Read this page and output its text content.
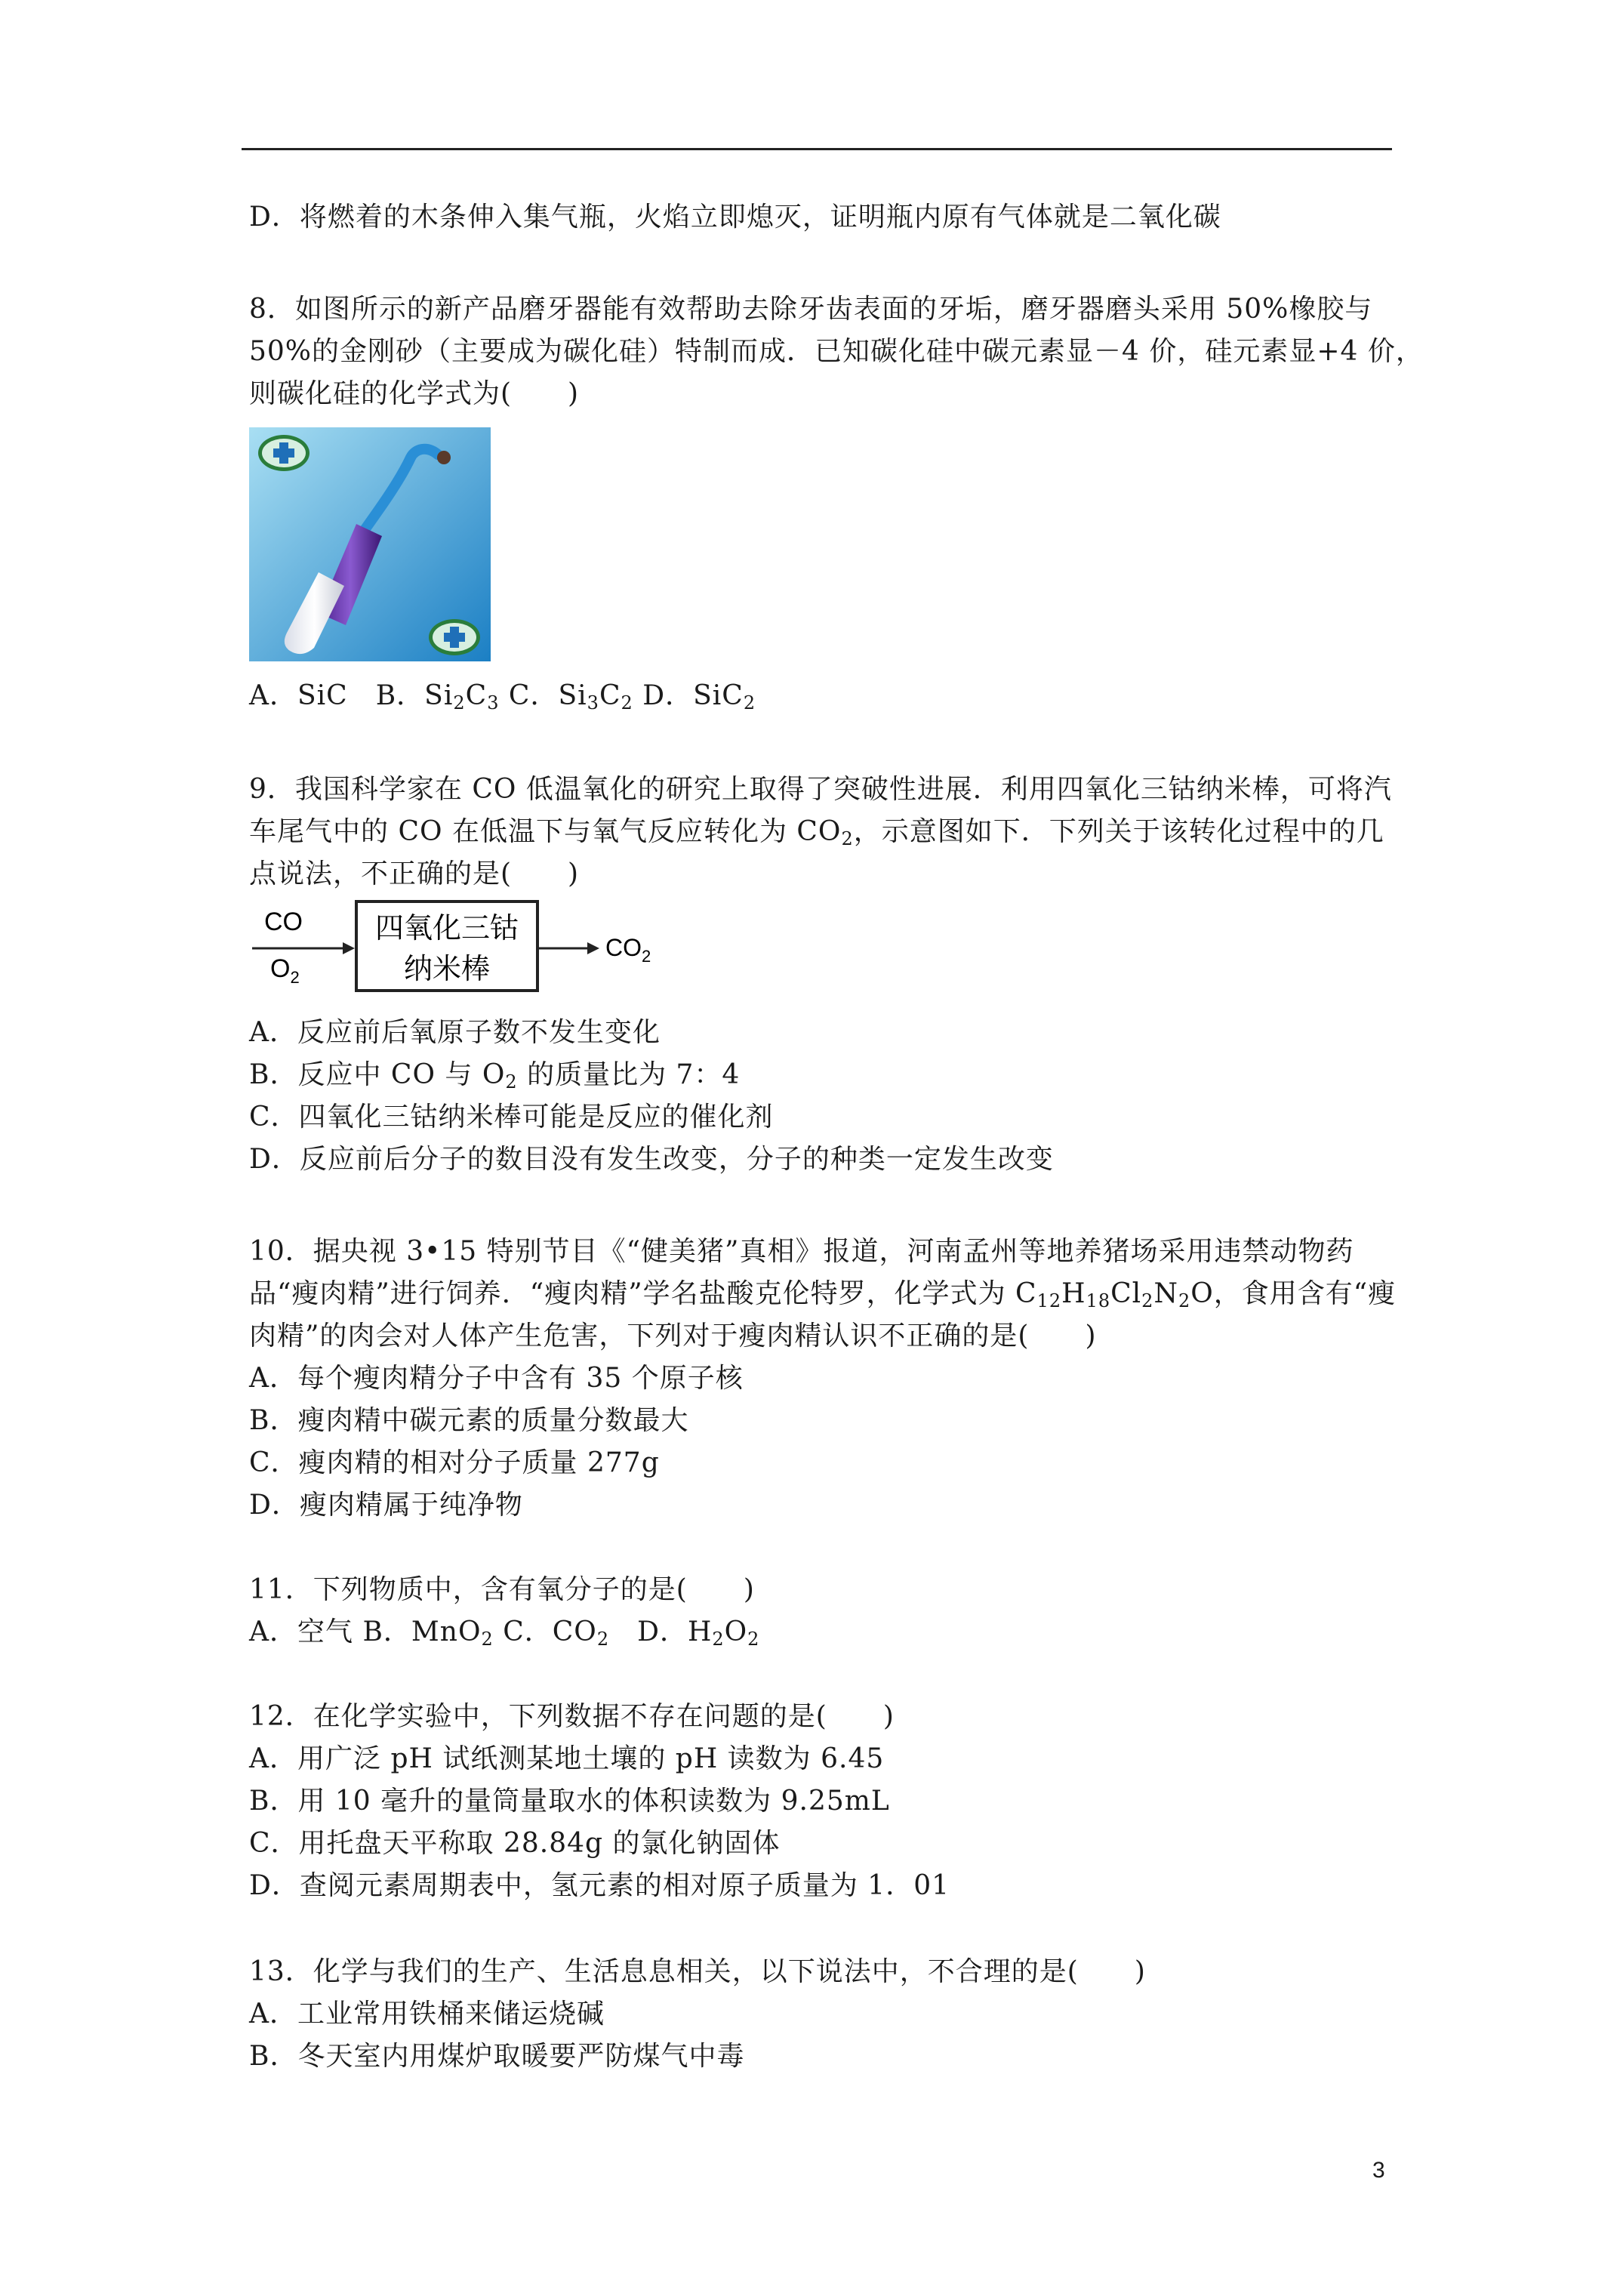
D．将燃着的木条伸入集气瓶，火焰立即熄灭，证明瓶内原有气体就是二氧化碳
8．如图所示的新产品磨牙器能有效帮助去除牙齿表面的牙垢，磨牙器磨头采用 50%橡胶与
50%的金刚砂（主要成为碳化硅）特制而成．已知碳化硅中碳元素显－4 价，硅元素显+4 价，
则碳化硅的化学式为(　　)
A．SiC　B．$Si_2C_3$ C．$Si_3C_2$ D．SiC$_2$
9．我国科学家在 CO 低温氧化的研究上取得了突破性进展．利用四氧化三钴纳米棒，可将汽
车尾气中的 CO 在低温下与氧气反应转化为 $CO_2$，示意图如下．下列关于该转化过程中的几
点说法，不正确的是(　　)
CO
$O_2$
四氧化三钴
纳米棒
$CO_2$
A．反应前后氧原子数不发生变化
B．反应中 CO 与 $O_2$ 的质量比为 7：4
C．四氧化三钴纳米棒可能是反应的催化剂
D．反应前后分子的数目没有发生改变，分子的种类一定发生改变
10．据央视 3•15 特别节目《“健美猪”真相》报道，河南孟州等地养猪场采用违禁动物药
品“瘦肉精”进行饲养．“瘦肉精”学名盐酸克伦特罗，化学式为 $C_{12}H_{18}Cl_2N_2O$，食用含有“瘦
肉精”的肉会对人体产生危害，下列对于瘦肉精认识不正确的是(　　)
A．每个瘦肉精分子中含有 35 个原子核
B．瘦肉精中碳元素的质量分数最大
C．瘦肉精的相对分子质量 277g
D．瘦肉精属于纯净物
11．下列物质中，含有氧分子的是(　　)
A．空气 B．MnO$_2$ C．$CO_2$　D．$H_2O_2$
12．在化学实验中，下列数据不存在问题的是(　　)
A．用广泛 pH 试纸测某地土壤的 pH 读数为 6.45
B．用 10 毫升的量筒量取水的体积读数为 9.25mL
C．用托盘天平称取 28.84g 的氯化钠固体
D．查阅元素周期表中，氢元素的相对原子质量为 1．01
13．化学与我们的生产、生活息息相关，以下说法中，不合理的是(　　)
A．工业常用铁桶来储运烧碱
B．冬天室内用煤炉取暖要严防煤气中毒
3
